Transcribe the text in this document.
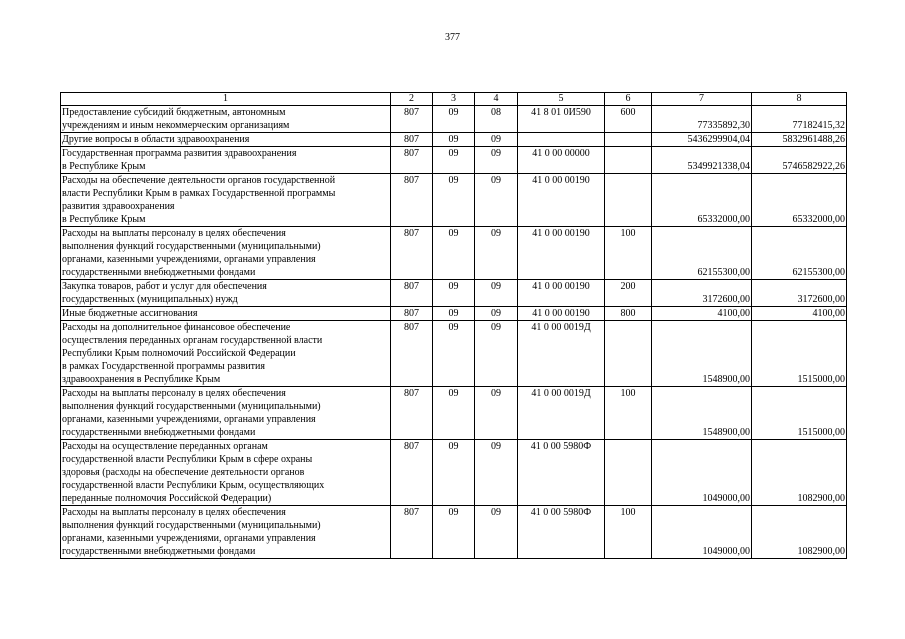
377
1	2	3	4	5	6	7	8

Предоставление субсидий бюджетным, автономным
учреждениям и иным некоммерческим организациям	807	09	08	41 8 01 0И590	600	77335892,30	77182415,32

Другие вопросы в области здравоохранения	807	09	09			5436299904,04	5832961488,26

Государственная программа развития здравоохранения
в Республике Крым	807	09	09	41 0 00 00000		5349921338,04	5746582922,26

Расходы на обеспечение деятельности органов государственной
власти Республики Крым в рамках Государственной программы
развития здравоохранения
в Республике Крым	807	09	09	41 0 00 00190		65332000,00	65332000,00

Расходы на выплаты персоналу в целях обеспечения
выполнения функций государственными (муниципальными)
органами, казенными учреждениями, органами управления
государственными внебюджетными фондами	807	09	09	41 0 00 00190	100	62155300,00	62155300,00

Закупка товаров, работ и услуг для обеспечения
государственных (муниципальных) нужд	807	09	09	41 0 00 00190	200	3172600,00	3172600,00

Иные бюджетные ассигнования	807	09	09	41 0 00 00190	800	4100,00	4100,00

Расходы на дополнительное финансовое обеспечение
осуществления переданных органам государственной власти
Республики Крым полномочий Российской Федерации
в рамках Государственной программы развития
здравоохранения в Республике Крым	807	09	09	41 0 00 0019Д		1548900,00	1515000,00

Расходы на выплаты персоналу в целях обеспечения
выполнения функций государственными (муниципальными)
органами, казенными учреждениями, органами управления
государственными внебюджетными фондами	807	09	09	41 0 00 0019Д	100	1548900,00	1515000,00

Расходы на осуществление переданных органам
государственной власти Республики Крым в сфере охраны
здоровья (расходы на обеспечение деятельности органов
государственной власти Республики Крым, осуществляющих
переданные полномочия Российской Федерации)	807	09	09	41 0 00 5980Ф		1049000,00	1082900,00

Расходы на выплаты персоналу в целях обеспечения
выполнения функций государственными (муниципальными)
органами, казенными учреждениями, органами управления
государственными внебюджетными фондами	807	09	09	41 0 00 5980Ф	100	1049000,00	1082900,00
